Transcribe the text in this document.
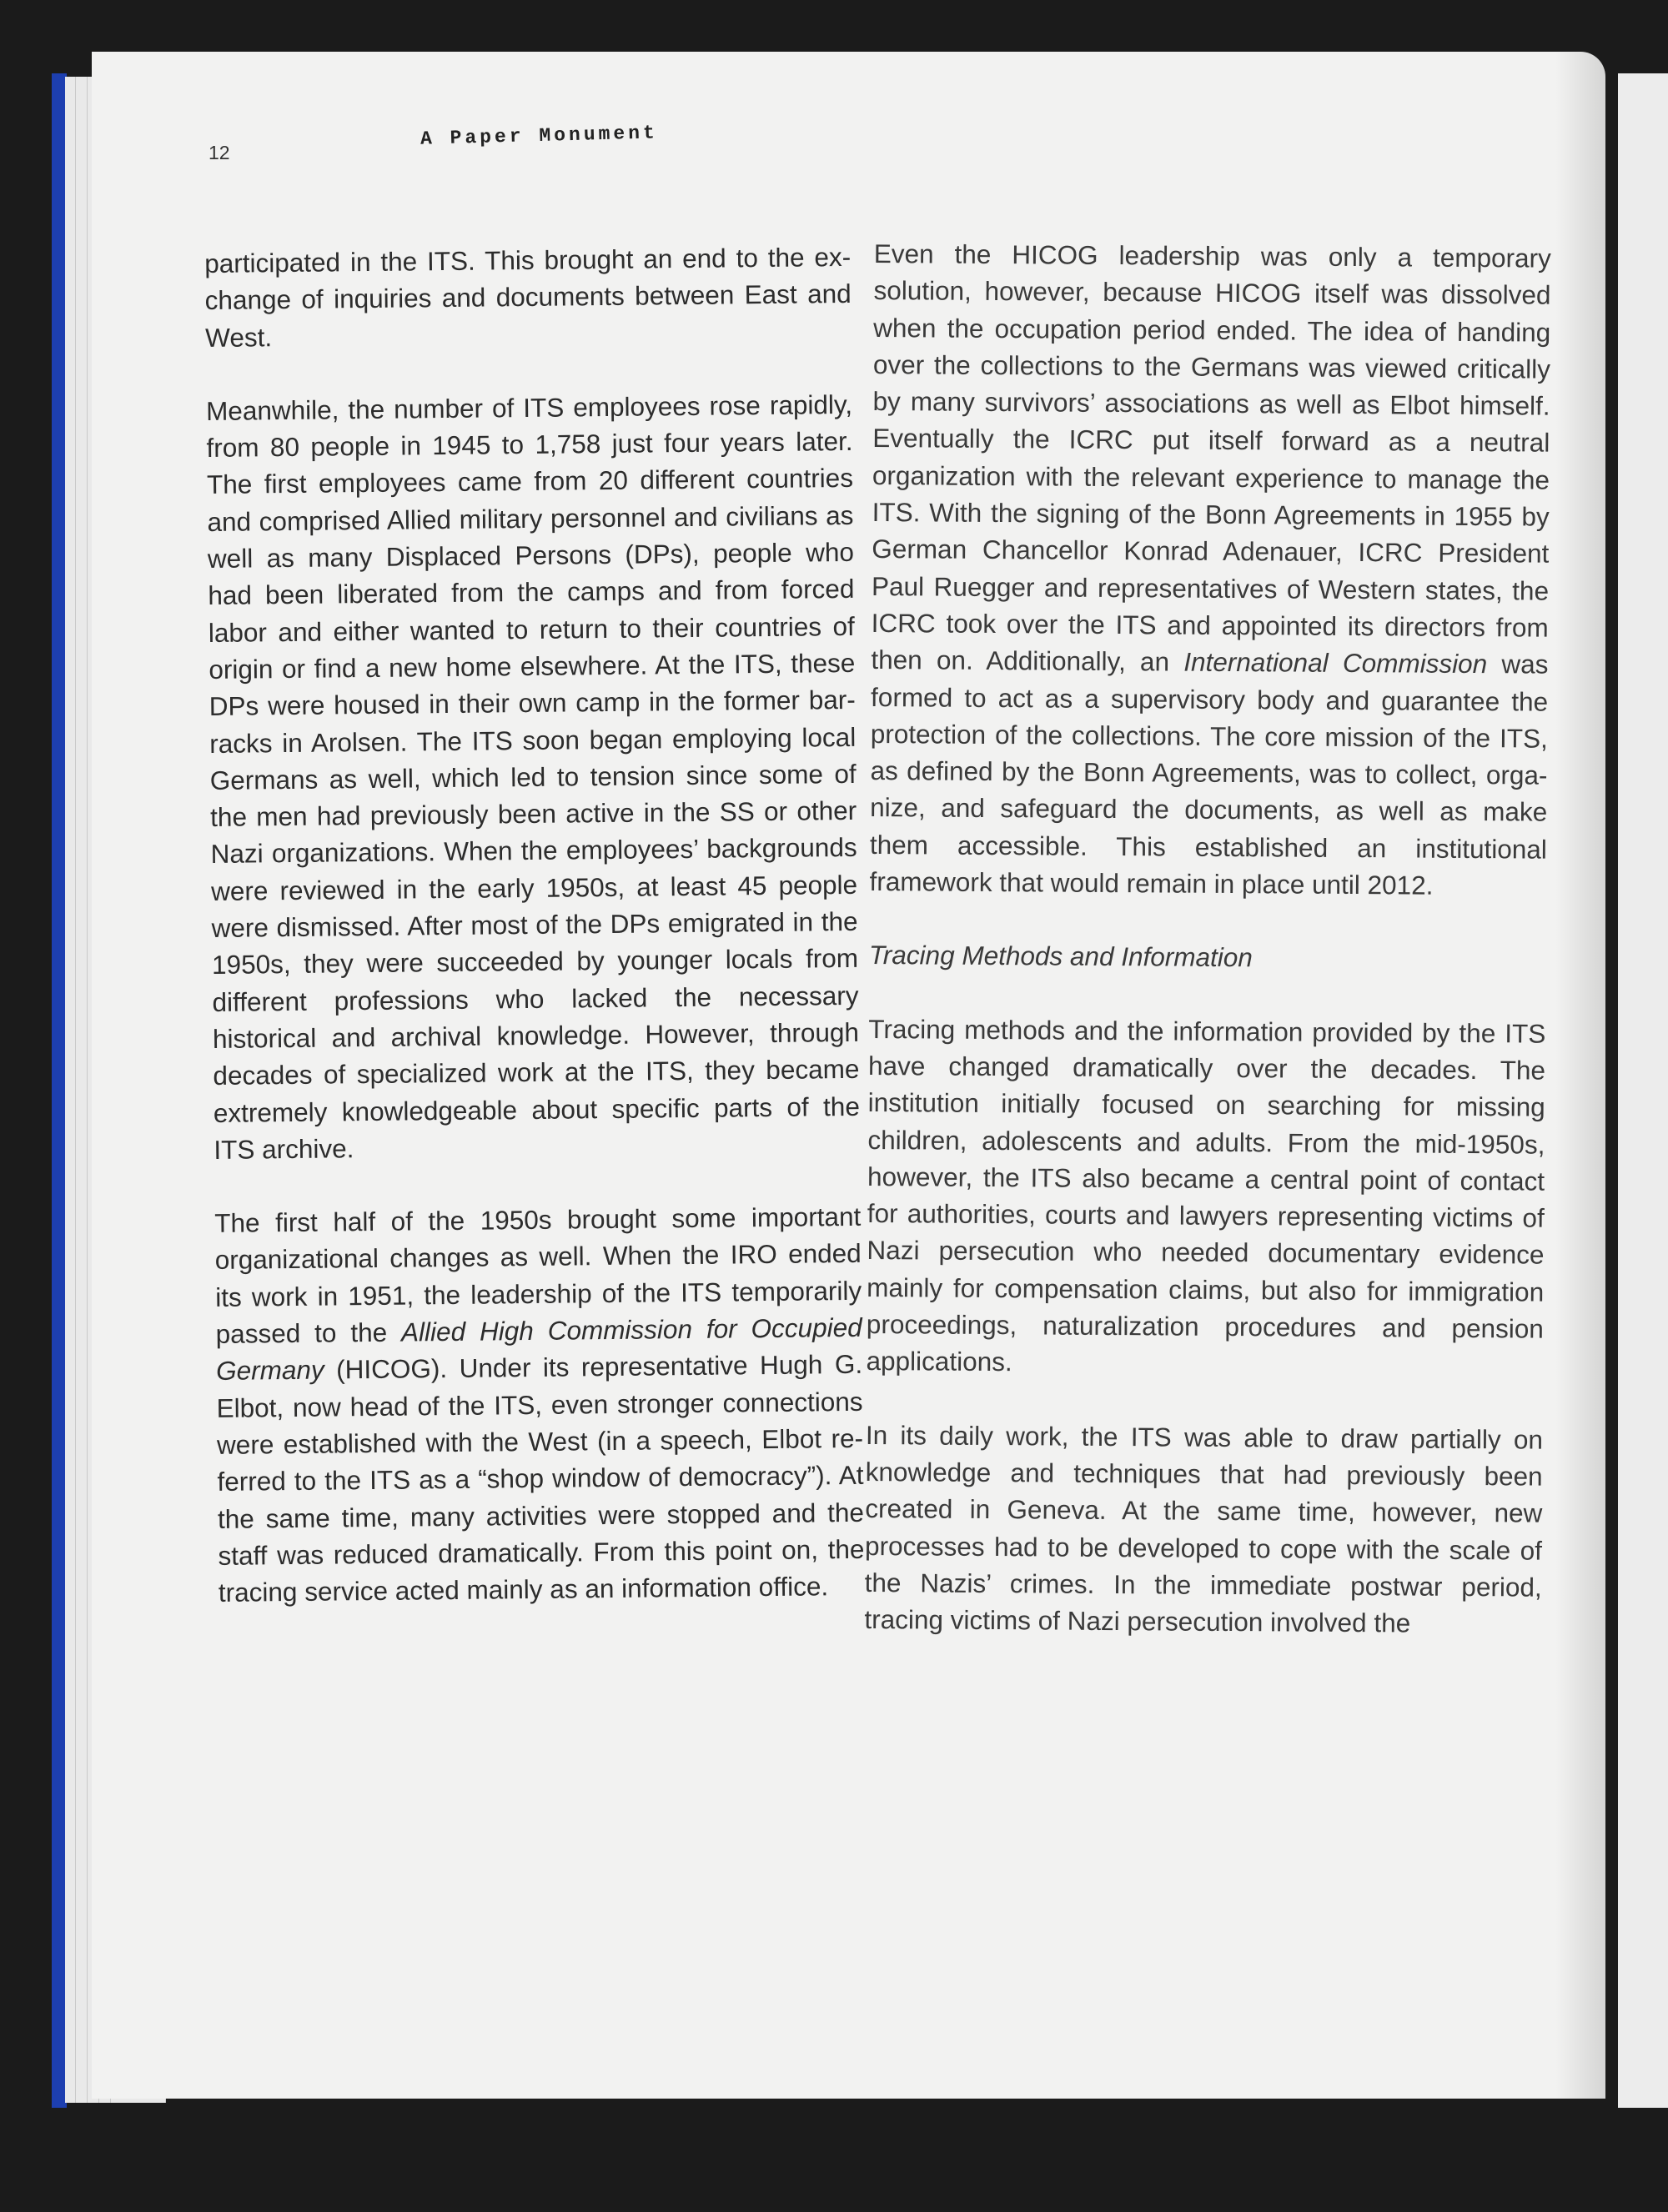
12
A Paper Monument

participated in the ITS. This brought an end to the exchange of inquiries and documents between East and West.

Meanwhile, the number of ITS employees rose rapidly, from 80 people in 1945 to 1,758 just four years later. The first employees came from 20 different countries and comprised Allied military personnel and civilians as well as many Displaced Persons (DPs), people who had been liberated from the camps and from forced labor and either wanted to return to their countries of origin or find a new home elsewhere. At the ITS, these DPs were housed in their own camp in the former barracks in Arolsen. The ITS soon began employing local Germans as well, which led to tension since some of the men had previously been active in the SS or other Nazi organizations. When the employees’ backgrounds were reviewed in the early 1950s, at least 45 people were dismissed. After most of the DPs emigrated in the 1950s, they were succeeded by younger locals from different professions who lacked the necessary historical and archival knowledge. However, through decades of specialized work at the ITS, they became extremely knowledgeable about specific parts of the ITS archive.

The first half of the 1950s brought some important organizational changes as well. When the IRO ended its work in 1951, the leadership of the ITS temporarily passed to the Allied High Commission for Occupied Germany (HICOG). Under its representative Hugh G. Elbot, now head of the ITS, even stronger connections were established with the West (in a speech, Elbot referred to the ITS as a “shop window of democracy”). At the same time, many activities were stopped and the staff was reduced dramatically. From this point on, the tracing service acted mainly as an information office.

Even the HICOG leadership was only a temporary solution, however, because HICOG itself was dissolved when the occupation period ended. The idea of handing over the collections to the Germans was viewed critically by many survivors’ associations as well as Elbot himself. Eventually the ICRC put itself forward as a neutral organization with the relevant experience to manage the ITS. With the signing of the Bonn Agreements in 1955 by German Chancellor Konrad Adenauer, ICRC President Paul Ruegger and representatives of Western states, the ICRC took over the ITS and appointed its directors from then on. Additionally, an International Commission was formed to act as a supervisory body and guarantee the protection of the collections. The core mission of the ITS, as defined by the Bonn Agreements, was to collect, organize, and safeguard the documents, as well as make them accessible. This established an institutional framework that would remain in place until 2012.

Tracing Methods and Information

Tracing methods and the information provided by the ITS have changed dramatically over the decades. The institution initially focused on searching for missing children, adolescents and adults. From the mid-1950s, however, the ITS also became a central point of contact for authorities, courts and lawyers representing victims of Nazi persecution who needed documentary evidence mainly for compensation claims, but also for immigration proceedings, naturalization procedures and pension applications.

In its daily work, the ITS was able to draw partially on knowledge and techniques that had previously been created in Geneva. At the same time, however, new processes had to be developed to cope with the scale of the Nazis’ crimes. In the immediate postwar period, tracing victims of Nazi persecution involved the
